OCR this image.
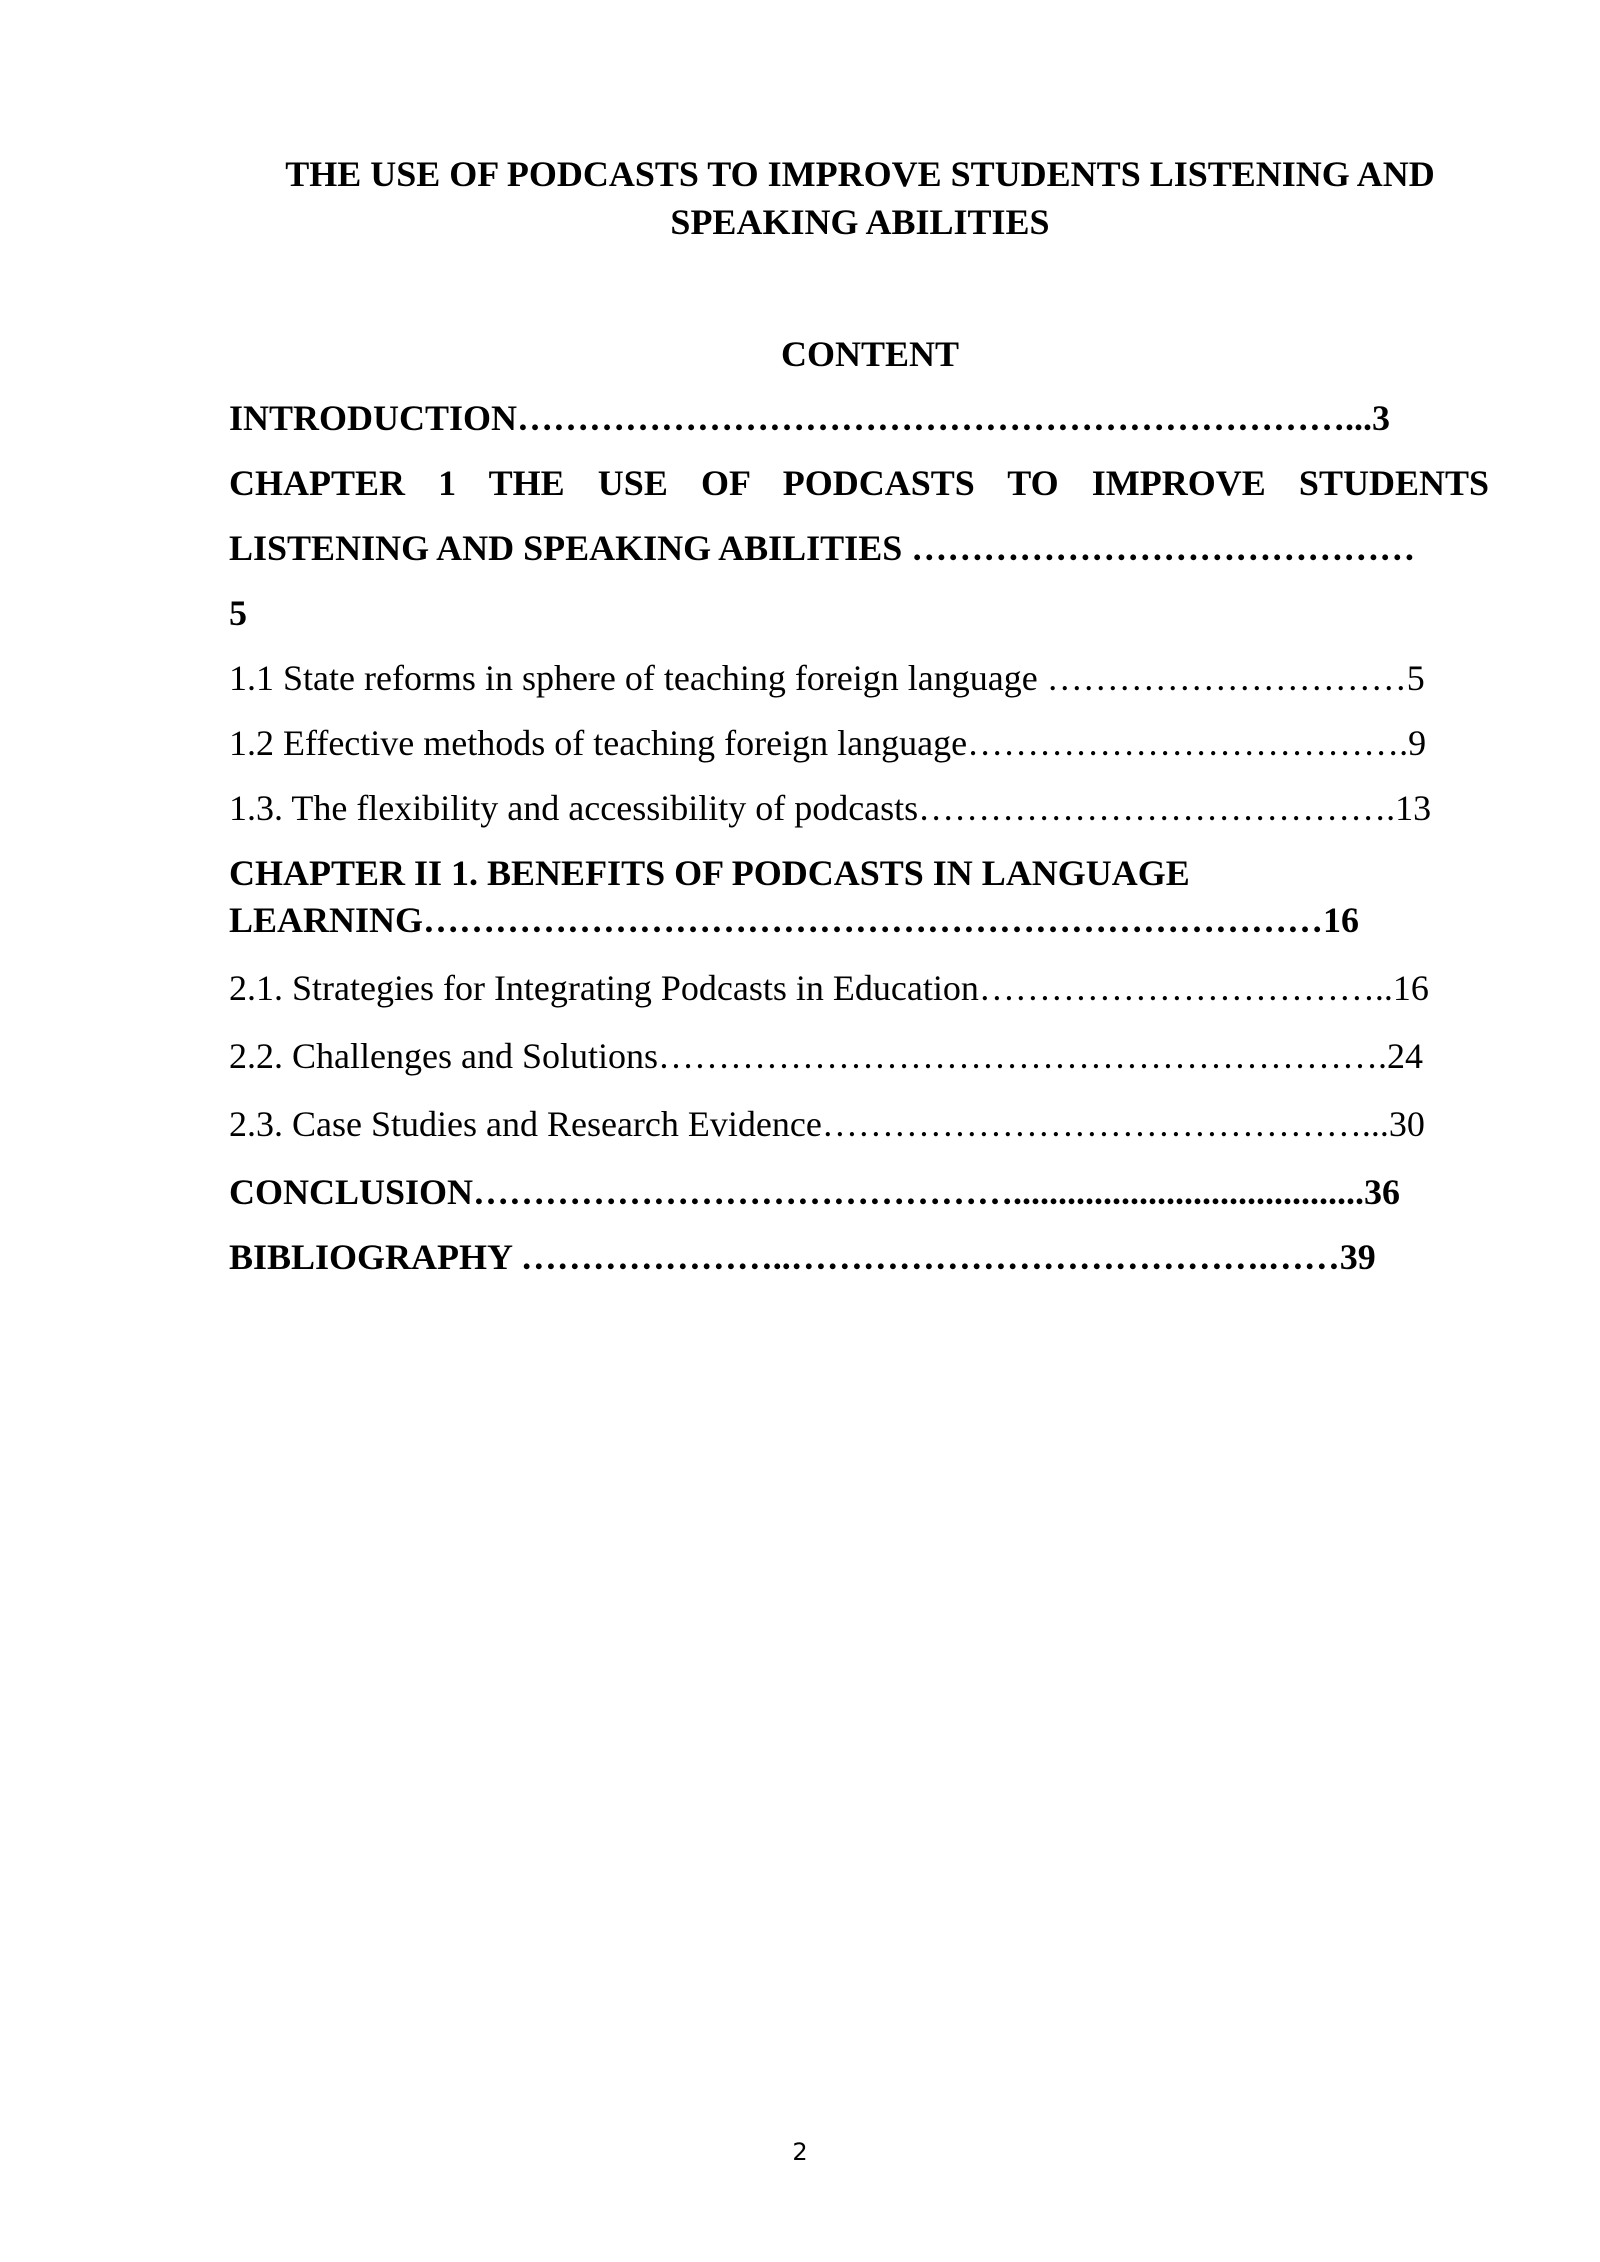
THE USE OF PODCASTS TO IMPROVE STUDENTS LISTENING AND
SPEAKING ABILITIES
CONTENT
INTRODUCTION……………………………………………………………...3
CHAPTER 1 THE USE OF PODCASTS TO IMPROVE STUDENTS
LISTENING AND SPEAKING ABILITIES ……………………………………
5
1.1 State reforms in sphere of teaching foreign language …………………………5
1.2 Effective methods of teaching foreign language……………………………….9
1.3. The flexibility and accessibility of podcasts………………………………….13
CHAPTER II 1. BENEFITS OF PODCASTS IN LANGUAGE
LEARNING…………………………………………………………………16
2.1. Strategies for Integrating Podcasts in Education……………………………..16
2.2. Challenges and Solutions…………………………………………………….24
2.3. Case Studies and Research Evidence………………………………………...30
CONCLUSION……………………………………….......................................36
BIBLIOGRAPHY …………………..………………………………….……39
2
